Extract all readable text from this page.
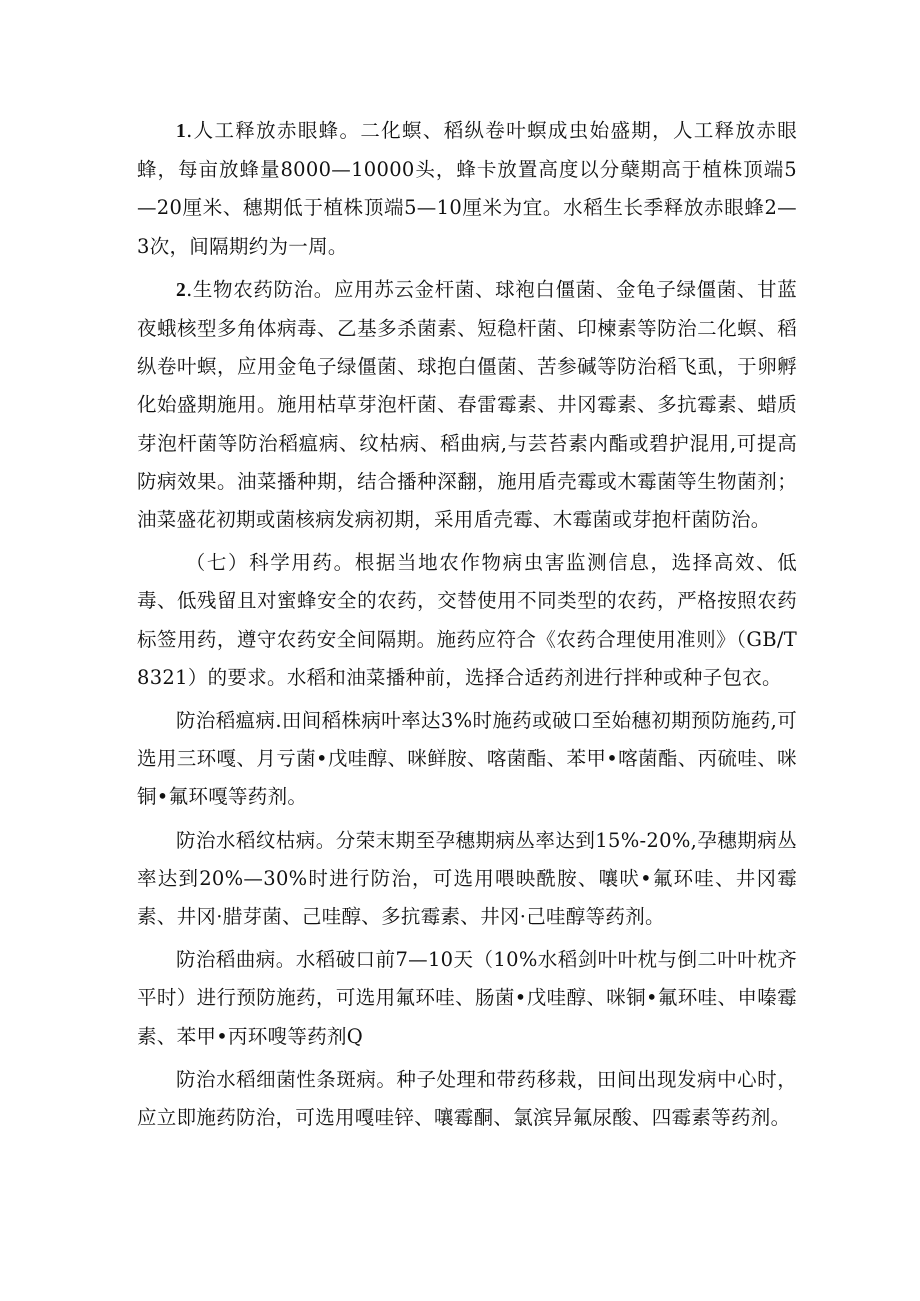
1.人工释放赤眼蜂。二化螟、稻纵卷叶螟成虫始盛期，人工释放赤眼蜂，每亩放蜂量8000—10000头，蜂卡放置高度以分蘖期高于植株顶端5—20厘米、穗期低于植株顶端5—10厘米为宜。水稻生长季释放赤眼蜂2—3次，间隔期约为一周。

2.生物农药防治。应用苏云金杆菌、球袍白僵菌、金龟子绿僵菌、甘蓝夜蛾核型多角体病毒、乙基多杀菌素、短稳杆菌、印楝素等防治二化螟、稻纵卷叶螟，应用金龟子绿僵菌、球抱白僵菌、苦参碱等防治稻飞虱，于卵孵化始盛期施用。施用枯草芽泡杆菌、春雷霉素、井冈霉素、多抗霉素、蜡质芽泡杆菌等防治稻瘟病、纹枯病、稻曲病,与芸苔素内酯或碧护混用,可提高防病效果。油菜播种期，结合播种深翻，施用盾壳霉或木霉菌等生物菌剂；油菜盛花初期或菌核病发病初期，采用盾壳霉、木霉菌或芽抱杆菌防治。

（七）科学用药。根据当地农作物病虫害监测信息，选择高效、低毒、低残留且对蜜蜂安全的农药，交替使用不同类型的农药，严格按照农药标签用药，遵守农药安全间隔期。施药应符合《农药合理使用准则》（GB/T8321）的要求。水稻和油菜播种前，选择合适药剂进行拌种或种子包衣。

防治稻瘟病.田间稻株病叶率达3%时施药或破口至始穗初期预防施药,可选用三环嘎、月亏菌•戊哇醇、咪鲜胺、喀菌酯、苯甲•喀菌酯、丙硫哇、咪铜•氟环嘎等药剂。

防治水稻纹枯病。分荣末期至孕穗期病丛率达到15%-20%,孕穗期病丛率达到20%—30%时进行防治，可选用喂映酰胺、嚷吠•氟环哇、井冈霉素、井冈·腊芽菌、己哇醇、多抗霉素、井冈·己哇醇等药剂。

防治稻曲病。水稻破口前7—10天（10%水稻剑叶叶枕与倒二叶叶枕齐平时）进行预防施药，可选用氟环哇、肠菌•戊哇醇、咪铜•氟环哇、申嗪霉素、苯甲•丙环嗖等药剂Q

防治水稻细菌性条斑病。种子处理和带药移栽，田间出现发病中心时，应立即施药防治，可选用嘎哇锌、嚷霉酮、氯滨异氟尿酸、四霉素等药剂。
